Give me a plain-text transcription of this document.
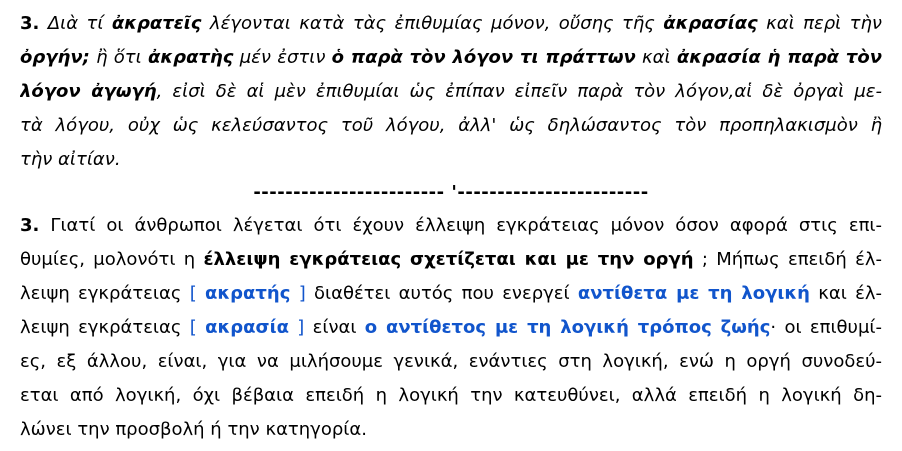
3. Διὰ τί ἀκρατεῖς λέγονται κατὰ τὰς ἐπιθυμίας μόνον, οὔσης τῆς ἀκρασίας καὶ περὶ τὴν
ὀργήν; ἢ ὅτι ἀκρατὴς μέν ἐστιν ὁ παρὰ τὸν λόγον τι πράττων καὶ ἀκρασία ἡ παρὰ τὸν
λόγον ἀγωγή, εἰσὶ δὲ αἱ μὲν ἐπιθυμίαι ὡς ἐπίπαν εἰπεῖν παρὰ τὸν λόγον,αἱ δὲ ὀργαὶ με-
τὰ λόγου, οὐχ ὡς κελεύσαντος τοῦ λόγου, ἀλλ' ὡς δηλώσαντος τὸν προπηλακισμὸν ἢ
τὴν αἰτίαν.
------------------------ '------------------------
3. Γιατί οι άνθρωποι λέγεται ότι έχουν έλλειψη εγκράτειας μόνον όσον αφορά στις επι-
θυμίες, μολονότι η έλλειψη εγκράτειας σχετίζεται και με την οργή ; Μήπως επειδή έλ-
λειψη εγκράτειας [ ακρατής ] διαθέτει αυτός που ενεργεί αντίθετα με τη λογική και έλ-
λειψη εγκράτειας [ ακρασία ] είναι ο αντίθετος με τη λογική τρόπος ζωής· οι επιθυμί-
ες, εξ άλλου, είναι, για να μιλήσουμε γενικά, ενάντιες στη λογική, ενώ η οργή συνοδεύ-
εται από λογική, όχι βέβαια επειδή η λογική την κατευθύνει, αλλά επειδή η λογική δη-
λώνει την προσβολή ή την κατηγορία.
